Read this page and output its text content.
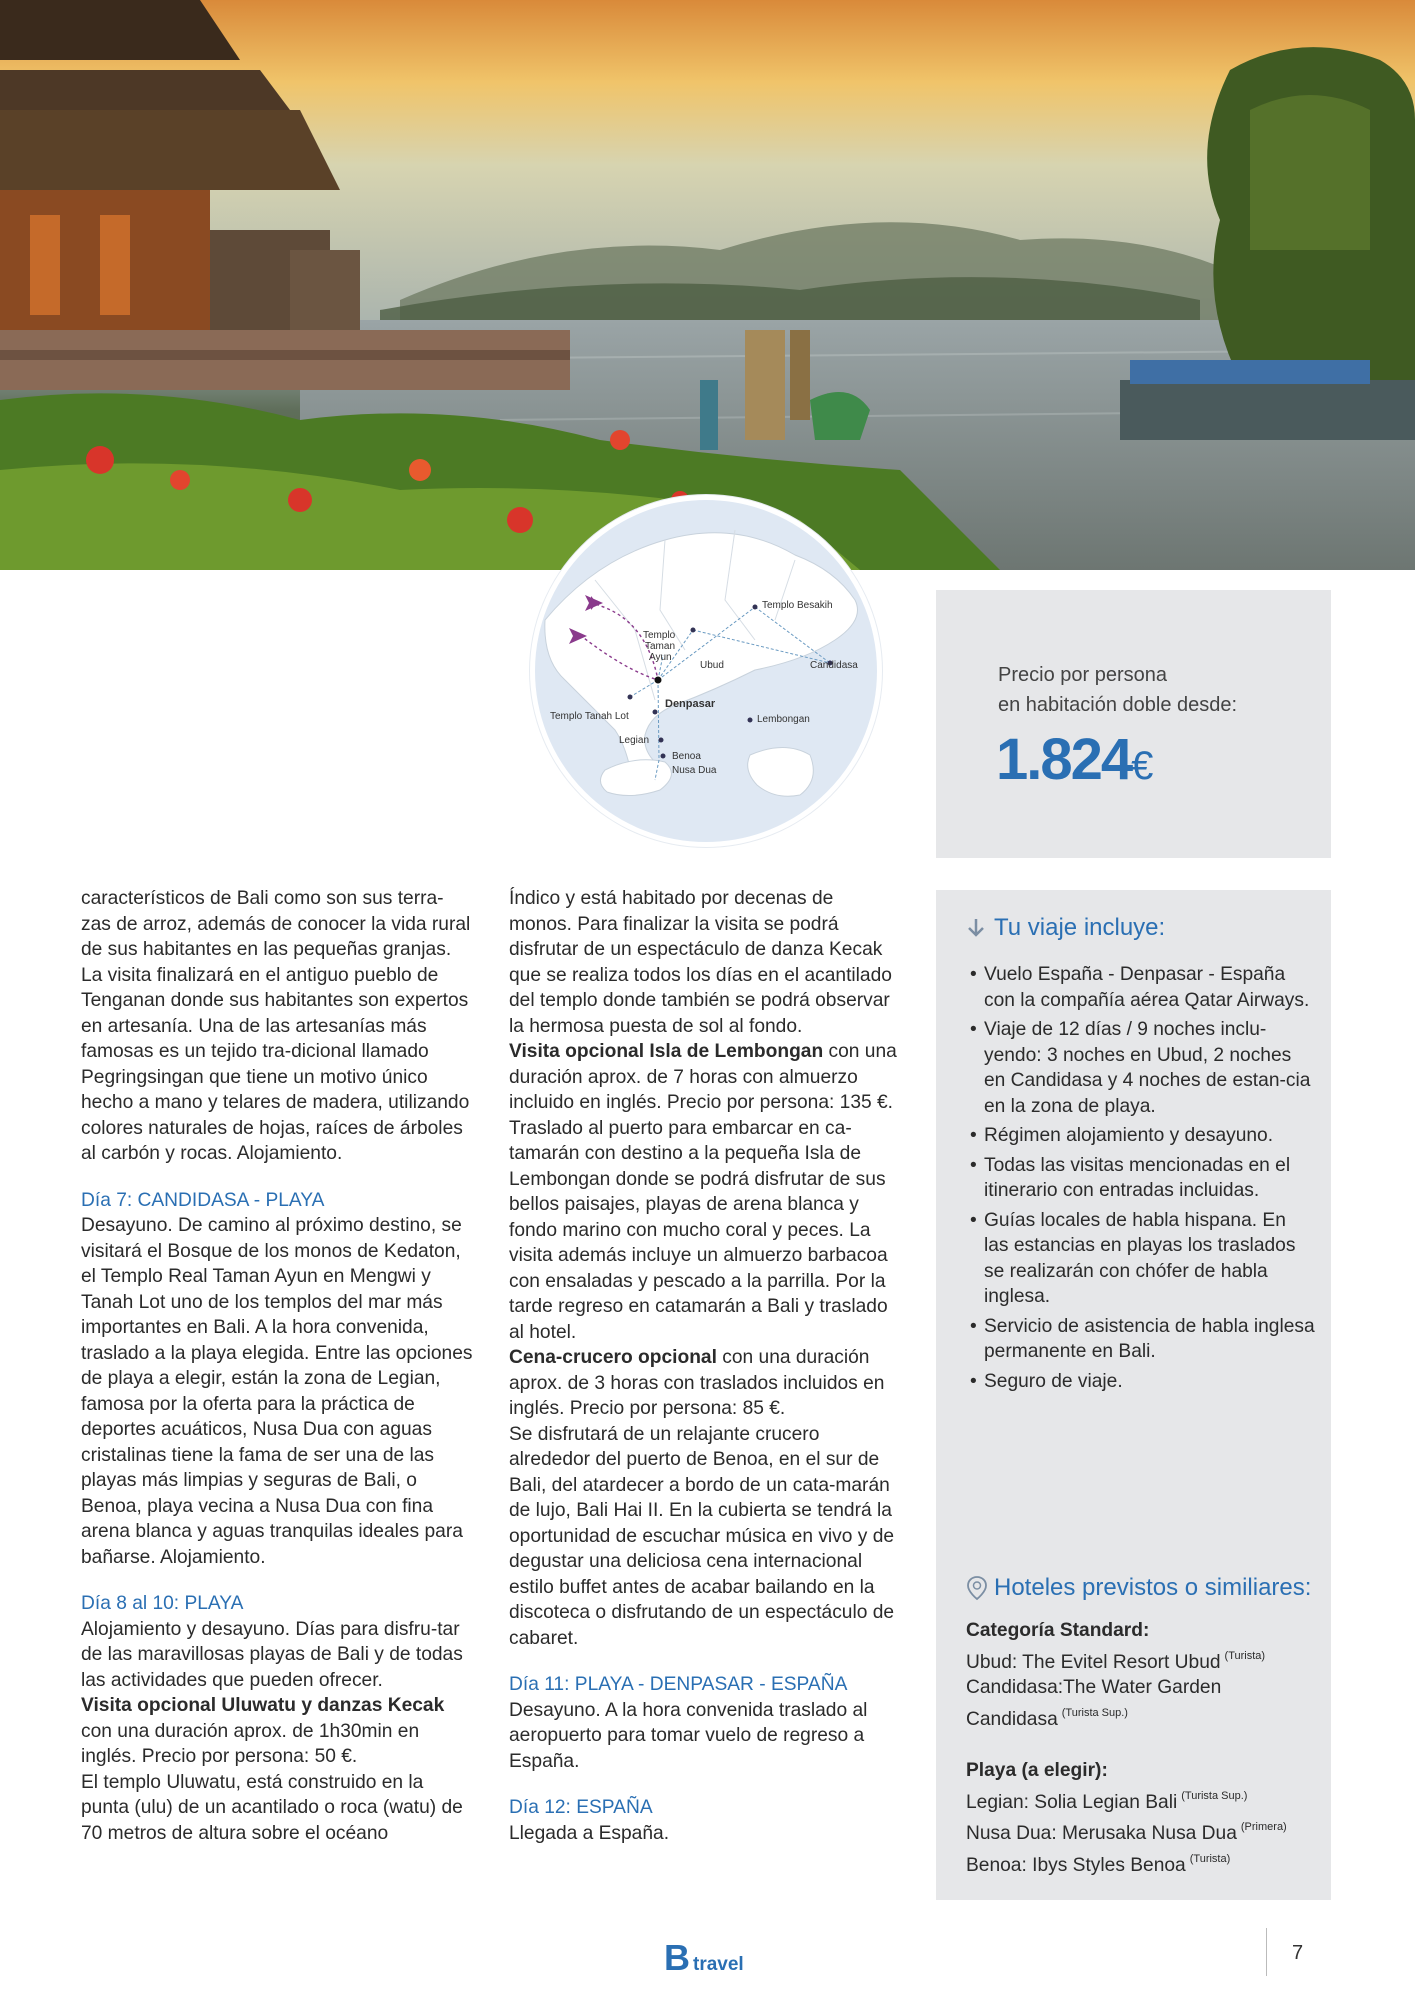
Templo Besakih
Templo
Taman
Ayun
Ubud	Candidasa
Denpasar
Templo Tanah Lot	Lembongan
Legian
Benoa
Nusa Dua
Precio por persona
en habitación doble desde:
1.824€

característicos de Bali como son sus terra-zas de arroz, además de conocer la vida rural de sus habitantes en las pequeñas granjas. La visita finalizará en el antiguo pueblo de Tenganan donde sus habitantes son expertos en artesanía. Una de las artesanías más famosas es un tejido tra-dicional llamado Pegringsingan que tiene un motivo único hecho a mano y telares de madera, utilizando colores naturales de hojas, raíces de árboles al carbón y rocas. Alojamiento.

Día 7: CANDIDASA - PLAYA

Desayuno. De camino al próximo destino, se visitará el Bosque de los monos de Kedaton, el Templo Real Taman Ayun en Mengwi y Tanah Lot uno de los templos del mar más importantes en Bali. A la hora convenida, traslado a la playa elegida. Entre las opciones de playa a elegir, están la zona de Legian, famosa por la oferta para la práctica de deportes acuáticos, Nusa Dua con aguas cristalinas tiene la fama de ser una de las playas más limpias y seguras de Bali, o Benoa, playa vecina a Nusa Dua con fina arena blanca y aguas tranquilas ideales para bañarse. Alojamiento.

Día 8 al 10: PLAYA

Alojamiento y desayuno. Días para disfru-tar de las maravillosas playas de Bali y de todas las actividades que pueden ofrecer.

Visita opcional Uluwatu y danzas Kecak con una duración aprox. de 1h30min en inglés. Precio por persona: 50 €.

El templo Uluwatu, está construido en la punta (ulu) de un acantilado o roca (watu) de 70 metros de altura sobre el océano

Índico y está habitado por decenas de monos. Para finalizar la visita se podrá disfrutar de un espectáculo de danza Kecak que se realiza todos los días en el acantilado del templo donde también se podrá observar la hermosa puesta de sol al fondo.

Visita opcional Isla de Lembongan con una duración aprox. de 7 horas con almuerzo incluido en inglés. Precio por persona: 135 €.

Traslado al puerto para embarcar en ca-tamarán con destino a la pequeña Isla de Lembongan donde se podrá disfrutar de sus bellos paisajes, playas de arena blanca y fondo marino con mucho coral y peces. La visita además incluye un almuerzo barbacoa con ensaladas y pescado a la parrilla. Por la tarde regreso en catamarán a Bali y traslado al hotel.

Cena-crucero opcional con una duración aprox. de 3 horas con traslados incluidos en inglés. Precio por persona: 85 €.

Se disfrutará de un relajante crucero alrededor del puerto de Benoa, en el sur de Bali, del atardecer a bordo de un cata-marán de lujo, Bali Hai II. En la cubierta se tendrá la oportunidad de escuchar música en vivo y de degustar una deliciosa cena internacional estilo buffet antes de acabar bailando en la discoteca o disfrutando de un espectáculo de cabaret.

Día 11: PLAYA - DENPASAR - ESPAÑA

Desayuno. A la hora convenida traslado al aeropuerto para tomar vuelo de regreso a España.

Día 12: ESPAÑA

Llegada a España.

Tu viaje incluye:
• Vuelo España - Denpasar - España con la compañía aérea Qatar Airways.
• Viaje de 12 días / 9 noches inclu-yendo: 3 noches en Ubud, 2 noches en Candidasa y 4 noches de estan-cia en la zona de playa.
• Régimen alojamiento y desayuno.
• Todas las visitas mencionadas en el itinerario con entradas incluidas.
• Guías locales de habla hispana. En las estancias en playas los traslados se realizarán con chófer de habla inglesa.
• Servicio de asistencia de habla inglesa permanente en Bali.
• Seguro de viaje.
Hoteles previstos o similiares:

Categoría Standard:

Ubud: The Evitel Resort Ubud $^{(Turista)}$

Candidasa:The Water Garden

Candidasa $^{(Turista Sup.)}$

Playa (a elegir):

Legian: Solia Legian Bali $^{(Turista Sup.)}$

Nusa Dua: Merusaka Nusa Dua $^{(Primera)}$

Benoa: Ibys Styles Benoa $^{(Turista)}$

B travel
7
